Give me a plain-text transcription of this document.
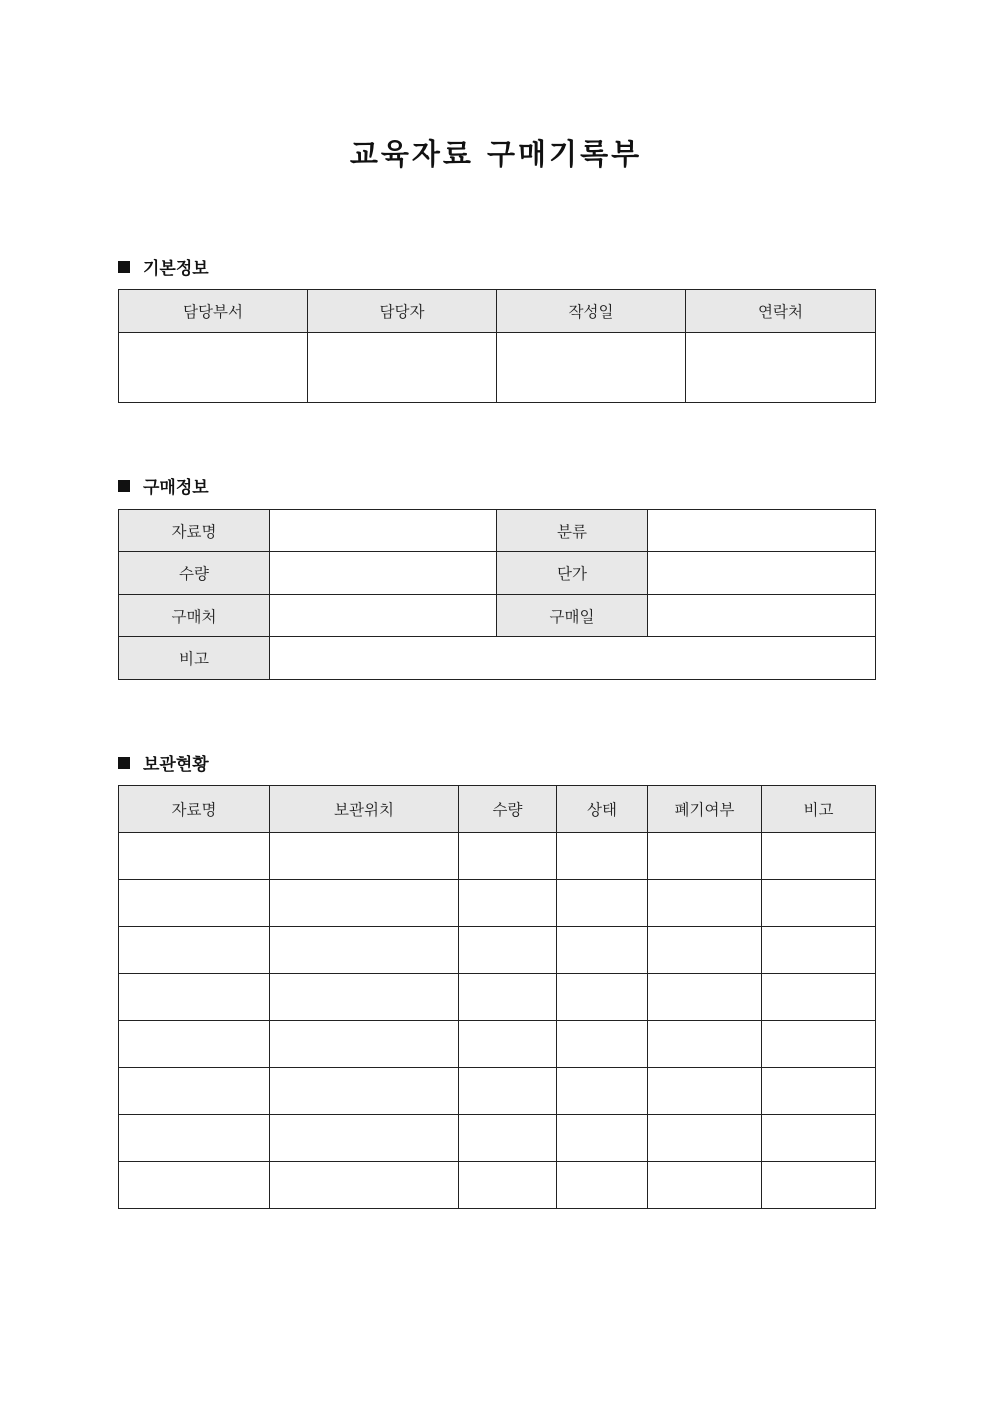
교육자료 구매기록부
기본정보
담당부서	담당자	작성일	연락처

구매정보
자료명		분류	
수량		단가	
구매처		구매일	
비고			
보관현황
자료명	보관위치	수량	상태	폐기여부	비고
